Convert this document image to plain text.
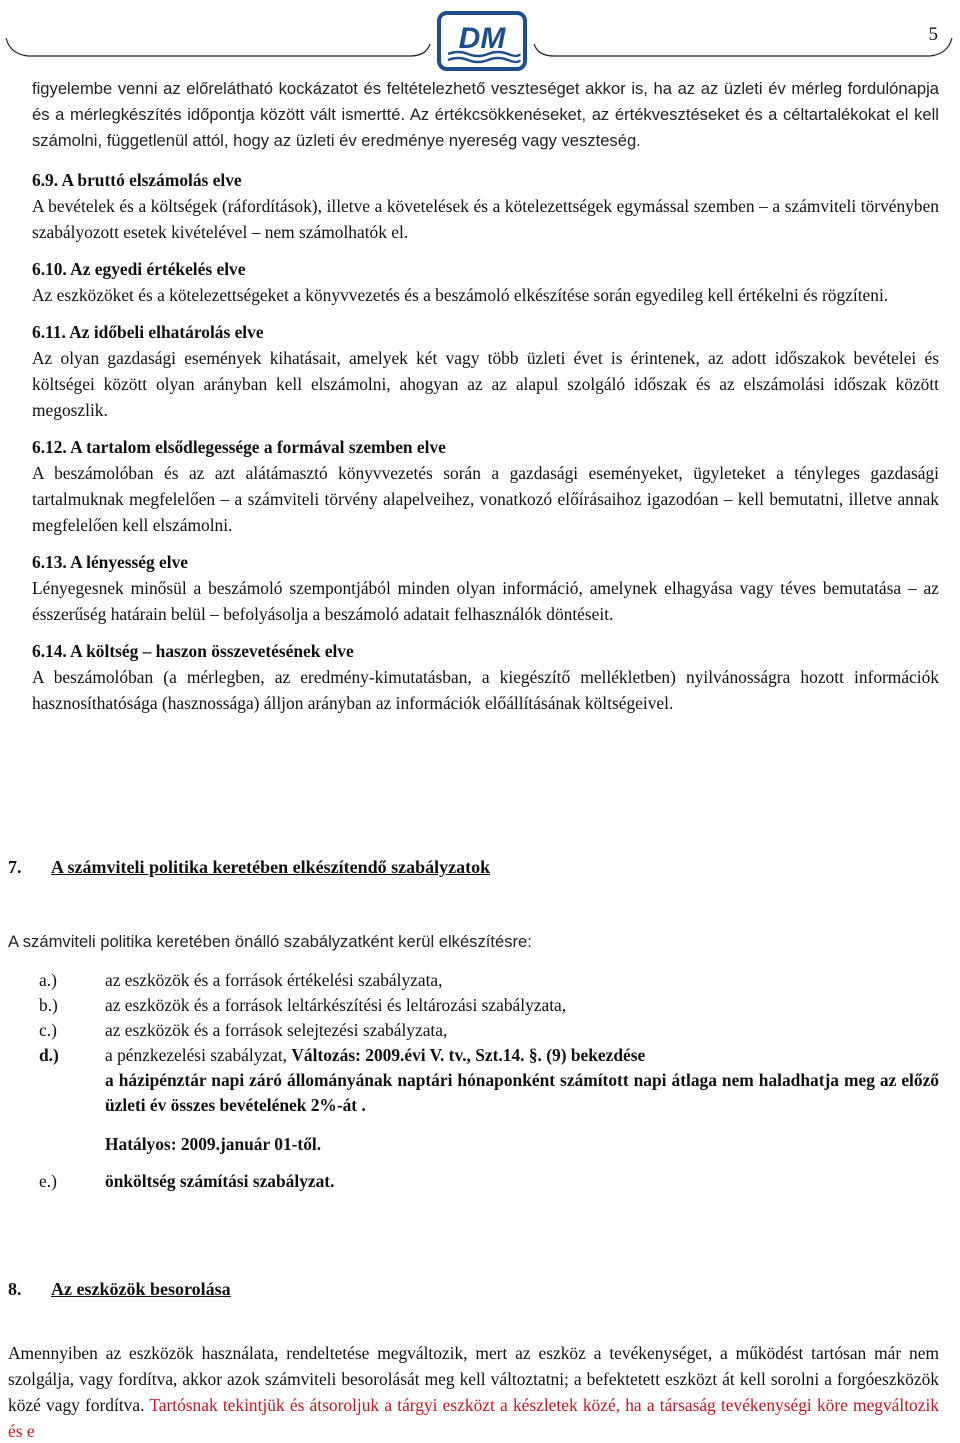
DM	5

figyelembe venni az előrelátható kockázatot és feltételezhető veszteséget akkor is, ha az az üzleti év mérleg fordulónapja és a mérlegkészítés időpontja között vált ismertté. Az értékcsökkenéseket, az értékvesztéseket és a céltartalékokat el kell számolni, függetlenül attól, hogy az üzleti év eredménye nyereség vagy veszteség.

6.9. A bruttó elszámolás elve

A bevételek és a költségek (ráfordítások), illetve a követelések és a kötelezettségek egymással szemben – a számviteli törvényben szabályozott esetek kivételével – nem számolhatók el.

6.10. Az egyedi értékelés elve

Az eszközöket és a kötelezettségeket a könyvvezetés és a beszámoló elkészítése során egyedileg kell értékelni és rögzíteni.

6.11. Az időbeli elhatárolás elve

Az olyan gazdasági események kihatásait, amelyek két vagy több üzleti évet is érintenek, az adott időszakok bevételei és költségei között olyan arányban kell elszámolni, ahogyan az az alapul szolgáló időszak és az elszámolási időszak között megoszlik.

6.12. A tartalom elsődlegessége a formával szemben elve

A beszámolóban és az azt alátámasztó könyvvezetés során a gazdasági eseményeket, ügyleteket a tényleges gazdasági tartalmuknak megfelelően – a számviteli törvény alapelveihez, vonatkozó előírásaihoz igazodóan – kell bemutatni, illetve annak megfelelően kell elszámolni.

6.13. A lényesség elve

Lényegesnek minősül a beszámoló szempontjából minden olyan információ, amelynek elhagyása vagy téves bemutatása – az ésszerűség határain belül – befolyásolja a beszámoló adatait felhasználók döntéseit.

6.14. A költség – haszon összevetésének elve

A beszámolóban (a mérlegben, az eredmény-kimutatásban, a kiegészítő mellékletben) nyilvánosságra hozott információk hasznosíthatósága (hasznossága) álljon arányban az információk előállításának költségeivel.

7. A számviteli politika keretében elkészítendő szabályzatok

A számviteli politika keretében önálló szabályzatként kerül elkészítésre:

a.)	az eszközök és a források értékelési szabályzata,
b.)	az eszközök és a források leltárkészítési és leltározási szabályzata,
c.)	az eszközök és a források selejtezési szabályzata,
d.)	a pénzkezelési szabályzat, Változás: 2009.évi V. tv., Szt.14. §. (9) bekezdése
a házipénztár napi záró állományának naptári hónaponként számított napi átlaga nem haladhatja meg az előző üzleti év összes bevételének 2%-át .
Hatályos: 2009.január 01-től.
e.)	önköltség számítási szabályzat.
8. Az eszközök besorolása

Amennyiben az eszközök használata, rendeltetése megváltozik, mert az eszköz a tevékenységet, a működést tartósan már nem szolgálja, vagy fordítva, akkor azok számviteli besorolását meg kell változtatni; a befektetett eszközt át kell sorolni a forgóeszközök közé vagy fordítva. Tartósnak tekintjük és átsoroljuk a tárgyi eszközt a készletek közé, ha a társaság tevékenységi köre megváltozik és e
